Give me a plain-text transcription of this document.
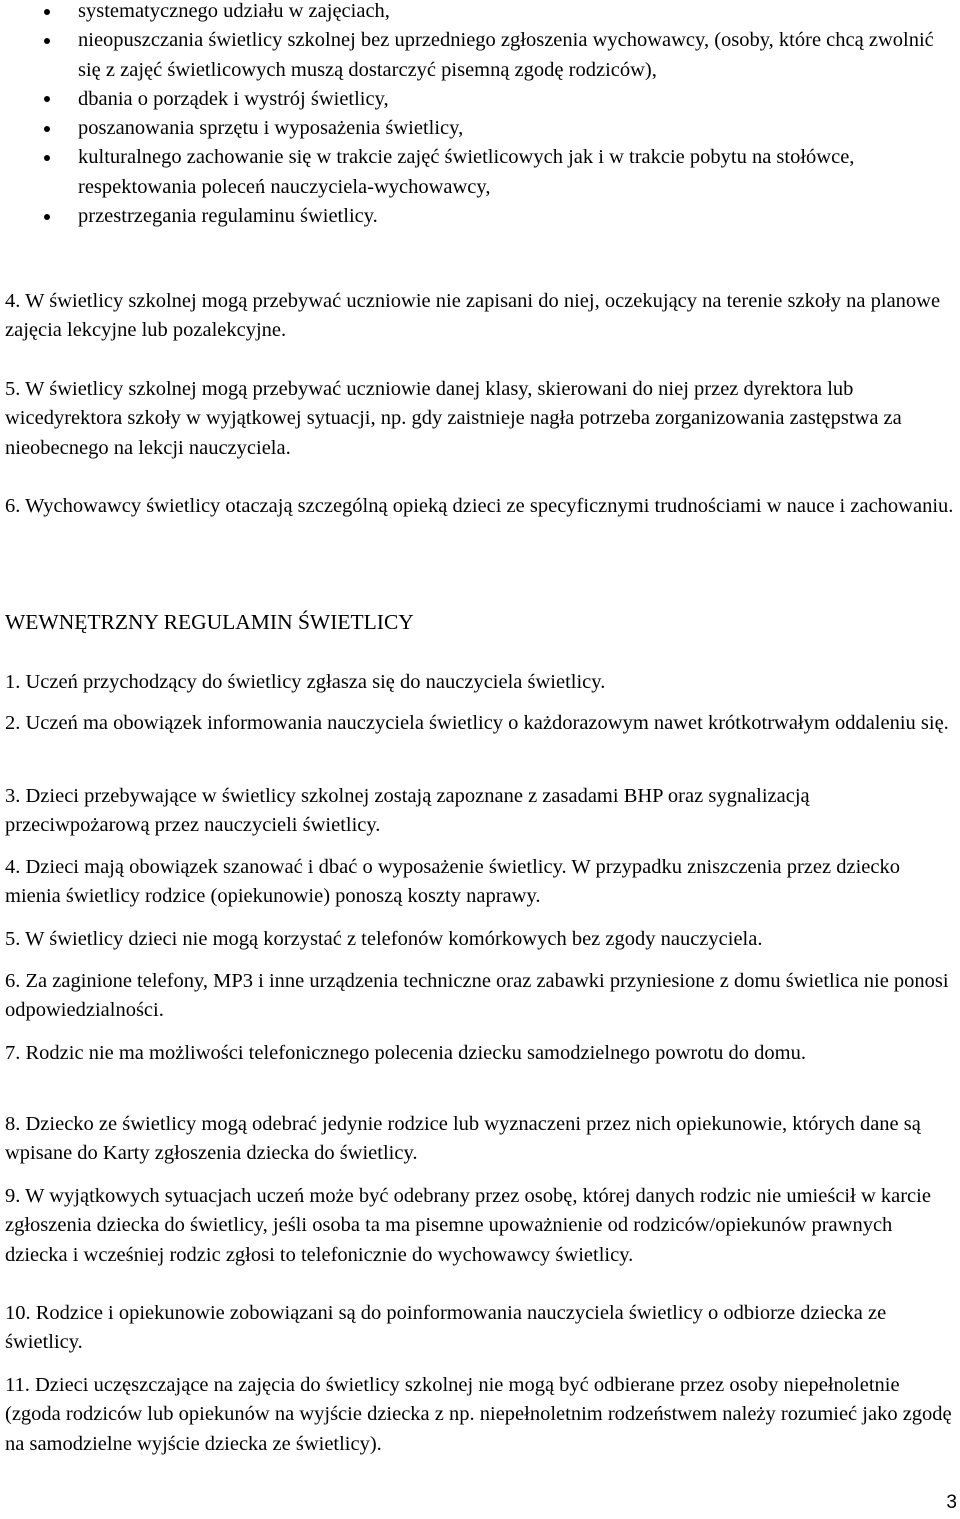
systematycznego udziału w zajęciach,
nieopuszczania świetlicy szkolnej bez uprzedniego zgłoszenia wychowawcy, (osoby, które chcą zwolnić się z zajęć świetlicowych muszą dostarczyć pisemną zgodę rodziców),
dbania o porządek i wystrój świetlicy,
poszanowania sprzętu i wyposażenia świetlicy,
kulturalnego zachowanie się w trakcie zajęć świetlicowych jak i w trakcie pobytu na stołówce, respektowania poleceń nauczyciela-wychowawcy,
przestrzegania regulaminu świetlicy.

4. W świetlicy szkolnej mogą przebywać uczniowie nie zapisani do niej, oczekujący na terenie szkoły na planowe zajęcia lekcyjne lub pozalekcyjne.

5. W świetlicy szkolnej mogą przebywać uczniowie danej klasy, skierowani do niej przez dyrektora lub wicedyrektora szkoły w wyjątkowej sytuacji, np. gdy zaistnieje nagła potrzeba zorganizowania zastępstwa za nieobecnego na lekcji nauczyciela.

6. Wychowawcy świetlicy otaczają szczególną opieką dzieci ze specyficznymi trudnościami w nauce i zachowaniu.

WEWNĘTRZNY REGULAMIN ŚWIETLICY

1. Uczeń przychodzący do świetlicy zgłasza się do nauczyciela świetlicy.

2. Uczeń ma obowiązek informowania nauczyciela świetlicy o każdorazowym nawet krótkotrwałym oddaleniu się.

3. Dzieci przebywające w świetlicy szkolnej zostają zapoznane z zasadami BHP oraz sygnalizacją przeciwpożarową przez nauczycieli świetlicy.

4. Dzieci mają obowiązek szanować i dbać o wyposażenie świetlicy. W przypadku zniszczenia przez dziecko mienia świetlicy rodzice (opiekunowie) ponoszą koszty naprawy.

5. W świetlicy dzieci nie mogą korzystać z telefonów komórkowych bez zgody nauczyciela.

6. Za zaginione telefony, MP3 i inne urządzenia techniczne oraz zabawki przyniesione z domu świetlica nie ponosi odpowiedzialności.

7. Rodzic nie ma możliwości telefonicznego polecenia dziecku samodzielnego powrotu do domu.

8. Dziecko ze świetlicy mogą odebrać jedynie rodzice lub wyznaczeni przez nich opiekunowie, których dane są wpisane do Karty zgłoszenia dziecka do świetlicy.

9. W wyjątkowych sytuacjach uczeń może być odebrany przez osobę, której danych rodzic nie umieścił w karcie zgłoszenia dziecka do świetlicy, jeśli osoba ta ma pisemne upoważnienie od rodziców/opiekunów prawnych dziecka i wcześniej rodzic zgłosi to telefonicznie do wychowawcy świetlicy.

10. Rodzice i opiekunowie zobowiązani są do poinformowania nauczyciela świetlicy o odbiorze dziecka ze świetlicy.

11. Dzieci uczęszczające na zajęcia do świetlicy szkolnej nie mogą być odbierane przez osoby niepełnoletnie (zgoda rodziców lub opiekunów na wyjście dziecka z np. niepełnoletnim rodzeństwem należy rozumieć jako zgodę na samodzielne wyjście dziecka ze świetlicy).

3
